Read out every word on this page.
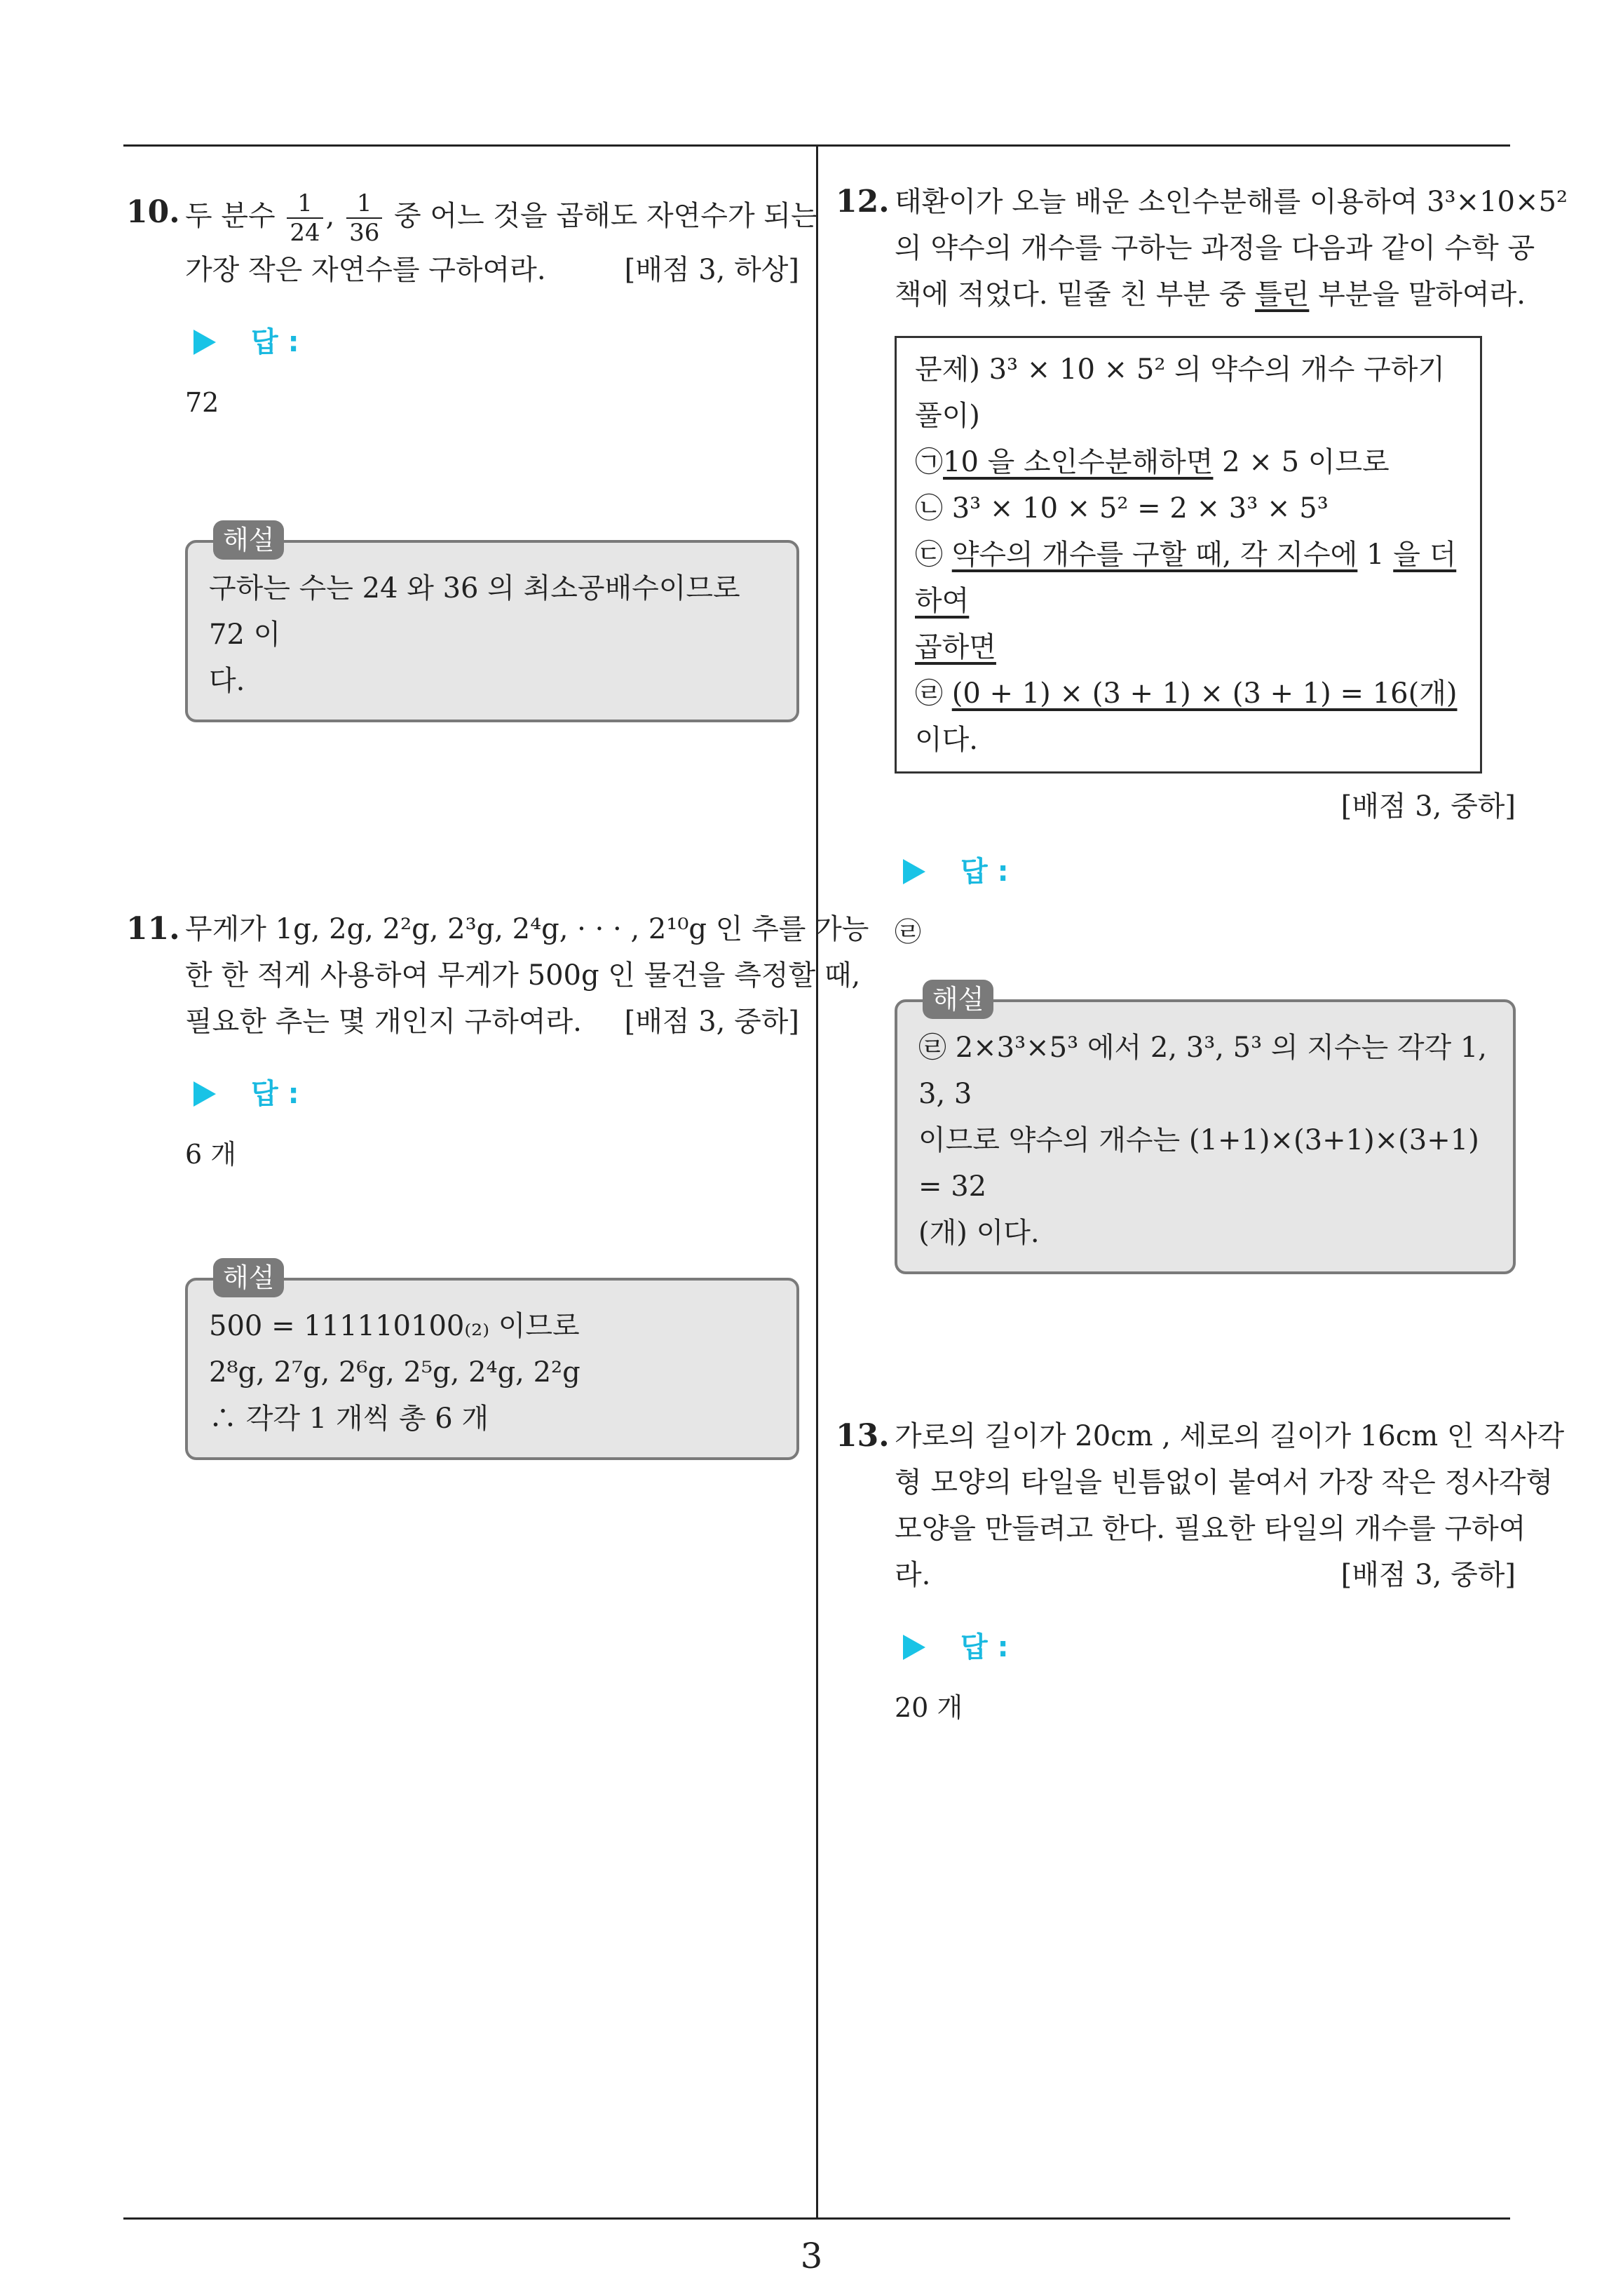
3
10. 두 분수 $\frac{1}{24}$ , $\frac{1}{36}$ 중 어느 것을 곱해도 자연수가 되는
가장 작은 자연수를 구하여라.	[배점 3, 하상]
답 :
72
해설
구하는 수는 24 와 36 의 최소공배수이므로 72 이
다.
11. 무게가 1g, 2g, 2²g, 2³g, 2⁴g, · · · , 2¹⁰g 인 추를 가능
한 한 적게 사용하여 무게가 500g 인 물건을 측정할 때,
필요한 추는 몇 개인지 구하여라. [배점 3, 중하]
답 :
6 개
해설
500 = 111110100₍₂₎ 이므로
2⁸g, 2⁷g, 2⁶g, 2⁵g, 2⁴g, 2²g
∴ 각각 1 개씩 총 6 개
12. 태환이가 오늘 배운 소인수분해를 이용하여 3³×10×5²
의 약수의 개수를 구하는 과정을 다음과 같이 수학 공
책에 적었다. 밑줄 친 부분 중 틀린 부분을 말하여라.
문제) 3³ × 10 × 5² 의 약수의 개수 구하기
풀이)
㉠10 을 소인수분해하면 2 × 5 이므로
㉡ 3³ × 10 × 5² = 2 × 3³ × 5³
㉢ 약수의 개수를 구할 때, 각 지수에 1 을 더하여
곱하면
㉣ (0 + 1) × (3 + 1) × (3 + 1) = 16(개)이다.
[배점 3, 중하]
답 :
㉣
해설
㉣ 2×3³×5³ 에서 2, 3³, 5³ 의 지수는 각각 1, 3, 3
이므로 약수의 개수는 (1+1)×(3+1)×(3+1) = 32
(개) 이다.
13. 가로의 길이가 20cm , 세로의 길이가 16cm 인 직사각
형 모양의 타일을 빈틈없이 붙여서 가장 작은 정사각형
모양을 만들려고 한다. 필요한 타일의 개수를 구하여
라.	[배점 3, 중하]
답 :
20 개
